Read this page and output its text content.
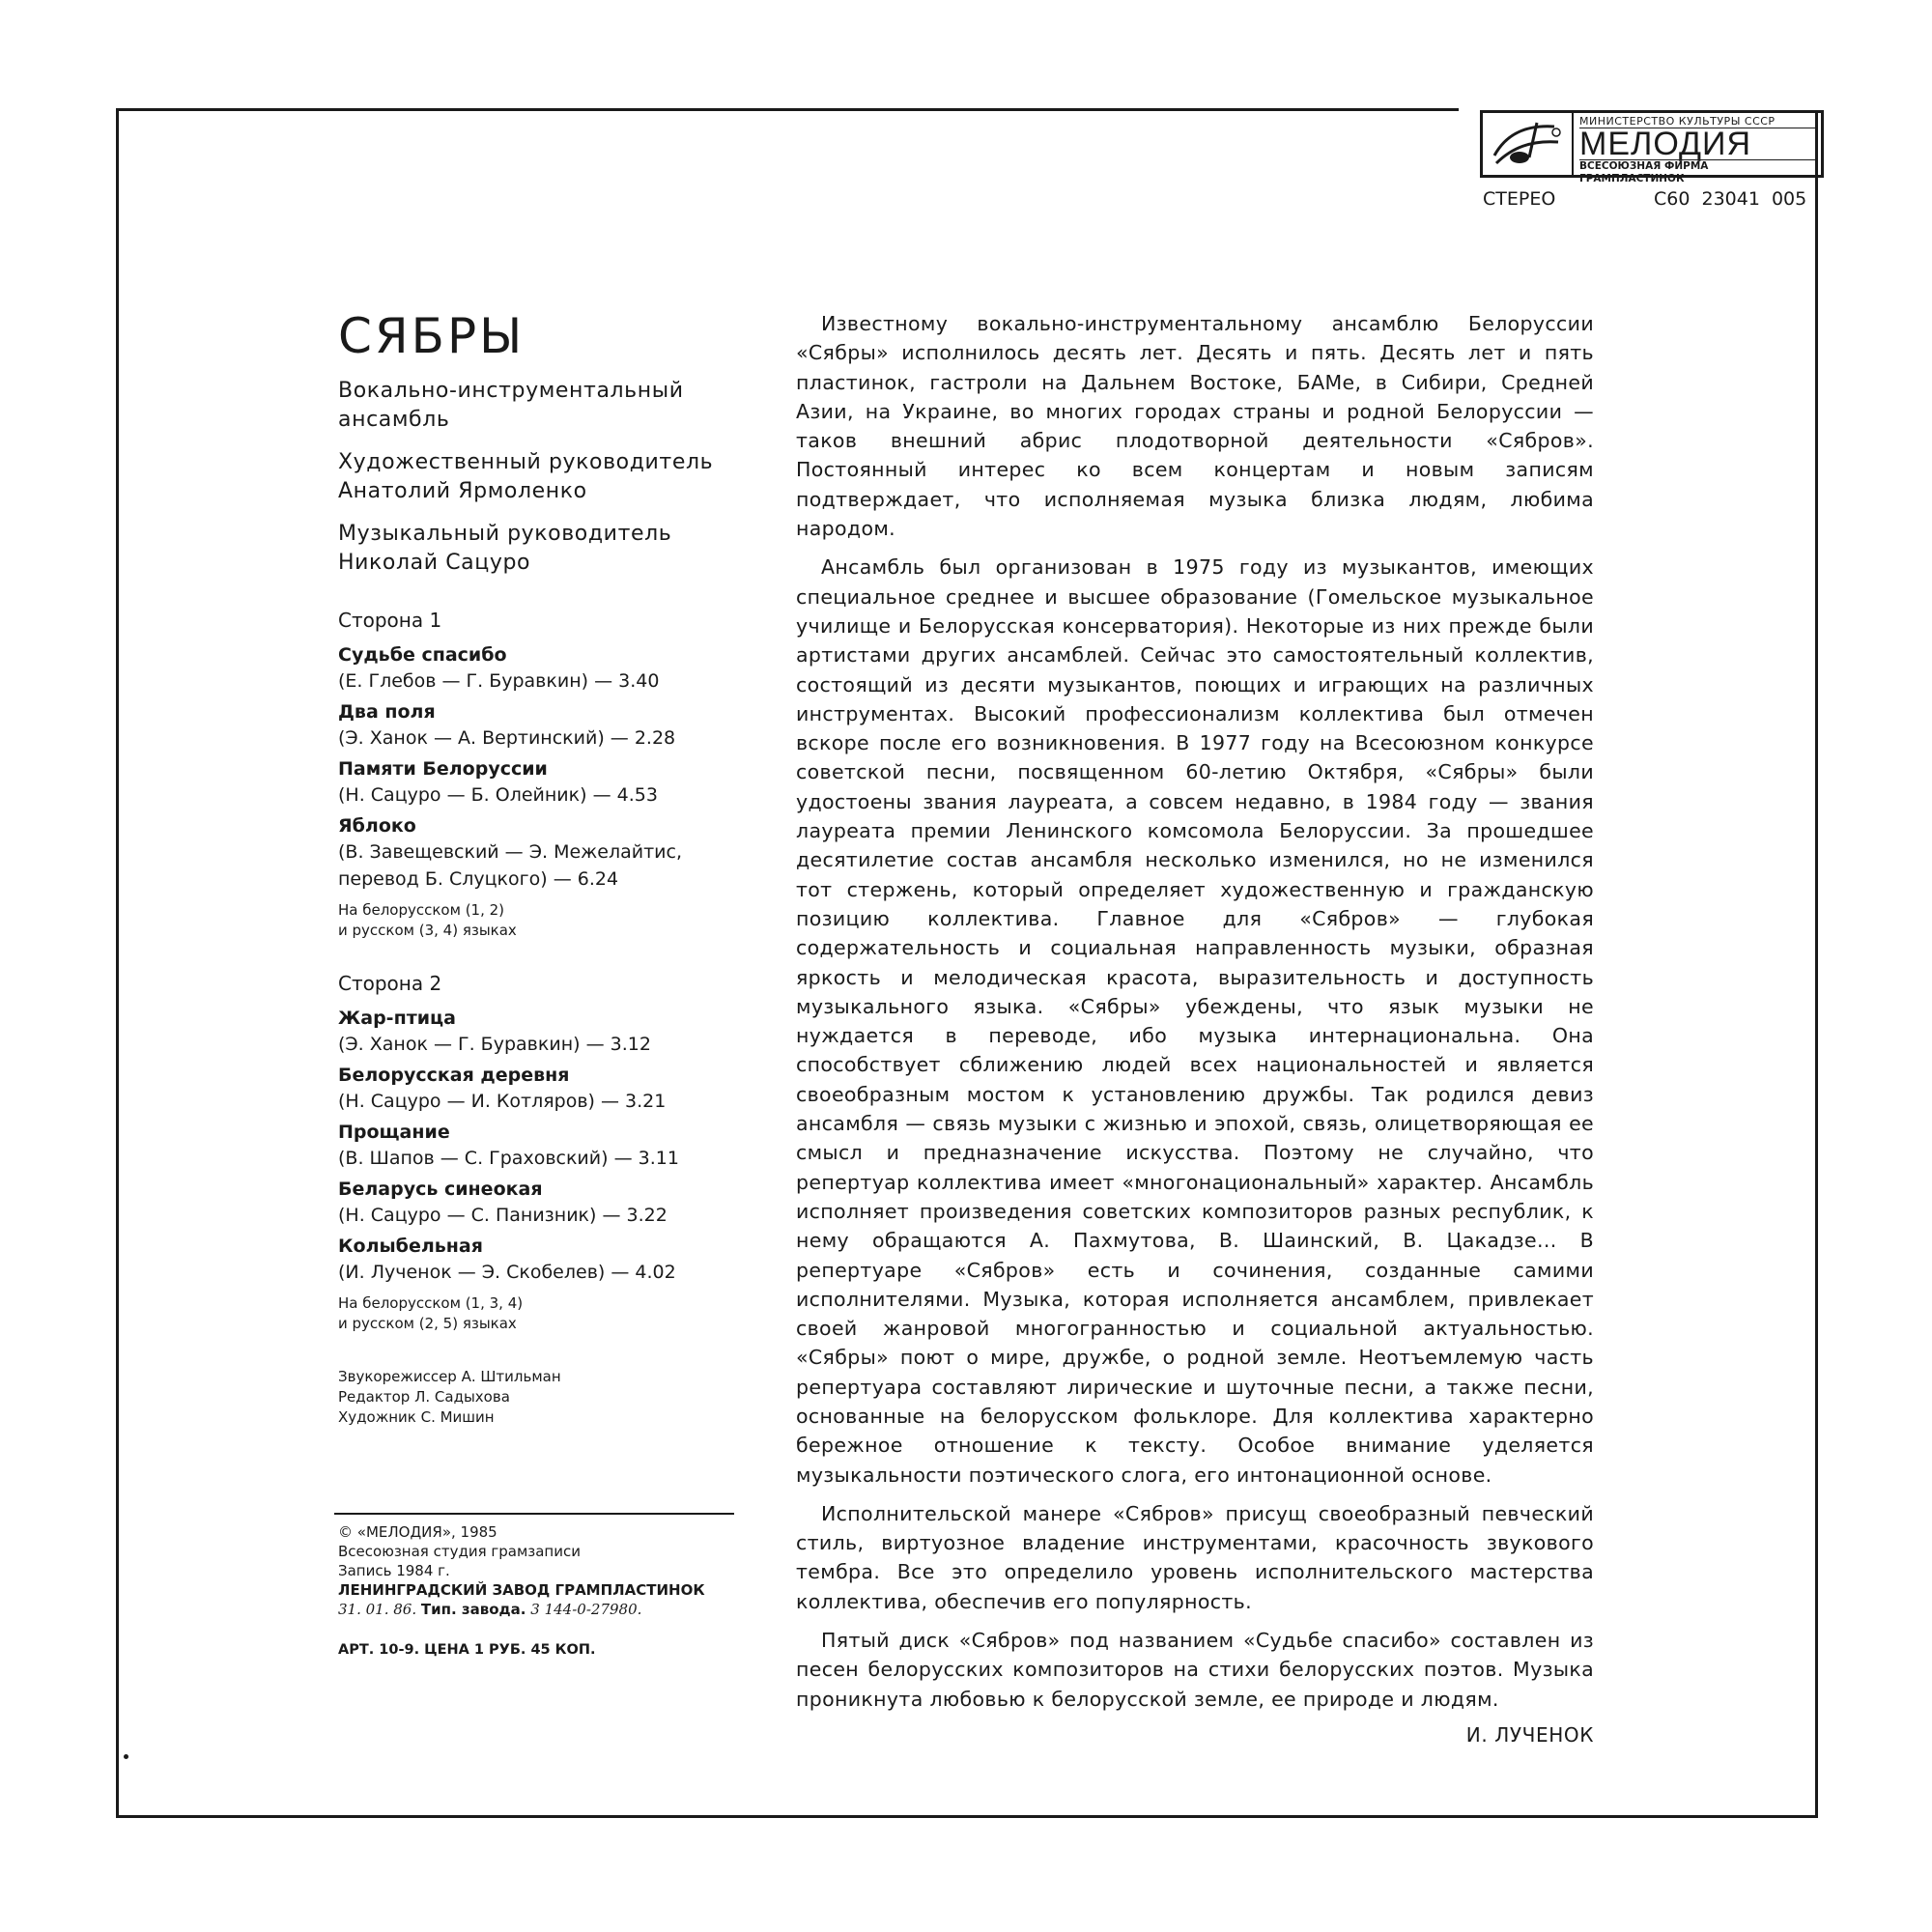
МИНИСТЕРСТВО КУЛЬТУРЫ СССР
МЕЛОДИЯ
ВСЕСОЮЗНАЯ ФИРМА ГРАМПЛАСТИНОК
СТЕРЕО	С60 23041 005
СЯБРЫ
Вокально-инструментальный ансамбль
Художественный руководитель Анатолий Ярмоленко
Музыкальный руководитель Николай Сацуро
Сторона 1
Судьбе спасибо
(Е. Глебов — Г. Буравкин) — 3.40
Два поля
(Э. Ханок — А. Вертинский) — 2.28
Памяти Белоруссии
(Н. Сацуро — Б. Олейник) — 4.53
Яблоко
(В. Завещевский — Э. Межелайтис,
перевод Б. Слуцкого) — 6.24
На белорусском (1, 2)
и русском (3, 4) языках
Сторона 2
Жар-птица
(Э. Ханок — Г. Буравкин) — 3.12
Белорусская деревня
(Н. Сацуро — И. Котляров) — 3.21
Прощание
(В. Шапов — С. Граховский) — 3.11
Беларусь синеокая
(Н. Сацуро — С. Панизник) — 3.22
Колыбельная
(И. Лученок — Э. Скобелев) — 4.02
На белорусском (1, 3, 4)
и русском (2, 5) языках
Звукорежиссер А. Штильман
Редактор Л. Садыхова
Художник С. Мишин
© «МЕЛОДИЯ», 1985
Всесоюзная студия грамзаписи
Запись 1984 г.
ЛЕНИНГРАДСКИЙ ЗАВОД ГРАМПЛАСТИНОК
31. 01. 86. Тип. завода. 3 144-0-27980.
АРТ. 10-9. ЦЕНА 1 РУБ. 45 КОП.

Известному вокально-инструментальному ансамблю Белоруссии «Сябры» исполнилось десять лет. Десять и пять. Десять лет и пять пластинок, гастроли на Дальнем Востоке, БАМе, в Сибири, Средней Азии, на Украине, во многих городах страны и родной Белоруссии — таков внешний абрис плодотворной деятельности «Сябров». Постоянный интерес ко всем концертам и новым записям подтверждает, что исполняемая музыка близка людям, любима народом.

Ансамбль был организован в 1975 году из музыкантов, имеющих специальное среднее и высшее образование (Гомельское музыкальное училище и Белорусская консерватория). Некоторые из них прежде были артистами других ансамблей. Сейчас это самостоятельный коллектив, состоящий из десяти музыкантов, поющих и играющих на различных инструментах. Высокий профессионализм коллектива был отмечен вскоре после его возникновения. В 1977 году на Всесоюзном конкурсе советской песни, посвященном 60-летию Октября, «Сябры» были удостоены звания лауреата, а совсем недавно, в 1984 году — звания лауреата премии Ленинского комсомола Белоруссии. За прошедшее десятилетие состав ансамбля несколько изменился, но не изменился тот стержень, который определяет художественную и гражданскую позицию коллектива. Главное для «Сябров» — глубокая содержательность и социальная направленность музыки, образная яркость и мелодическая красота, выразительность и доступность музыкального языка. «Сябры» убеждены, что язык музыки не нуждается в переводе, ибо музыка интернациональна. Она способствует сближению людей всех национальностей и является своеобразным мостом к установлению дружбы. Так родился девиз ансамбля — связь музыки с жизнью и эпохой, связь, олицетворяющая ее смысл и предназначение искусства. Поэтому не случайно, что репертуар коллектива имеет «многонациональный» характер. Ансамбль исполняет произведения советских композиторов разных республик, к нему обращаются А. Пахмутова, В. Шаинский, В. Цакадзе... В репертуаре «Сябров» есть и сочинения, созданные самими исполнителями. Музыка, которая исполняется ансамблем, привлекает своей жанровой многогранностью и социальной актуальностью. «Сябры» поют о мире, дружбе, о родной земле. Неотъемлемую часть репертуара составляют лирические и шуточные песни, а также песни, основанные на белорусском фольклоре. Для коллектива характерно бережное отношение к тексту. Особое внимание уделяется музыкальности поэтического слога, его интонационной основе.

Исполнительской манере «Сябров» присущ своеобразный певческий стиль, виртуозное владение инструментами, красочность звукового тембра. Все это определило уровень исполнительского мастерства коллектива, обеспечив его популярность.

Пятый диск «Сябров» под названием «Судьбе спасибо» составлен из песен белорусских композиторов на стихи белорусских поэтов. Музыка проникнута любовью к белорусской земле, ее природе и людям.

И. ЛУЧЕНОК
